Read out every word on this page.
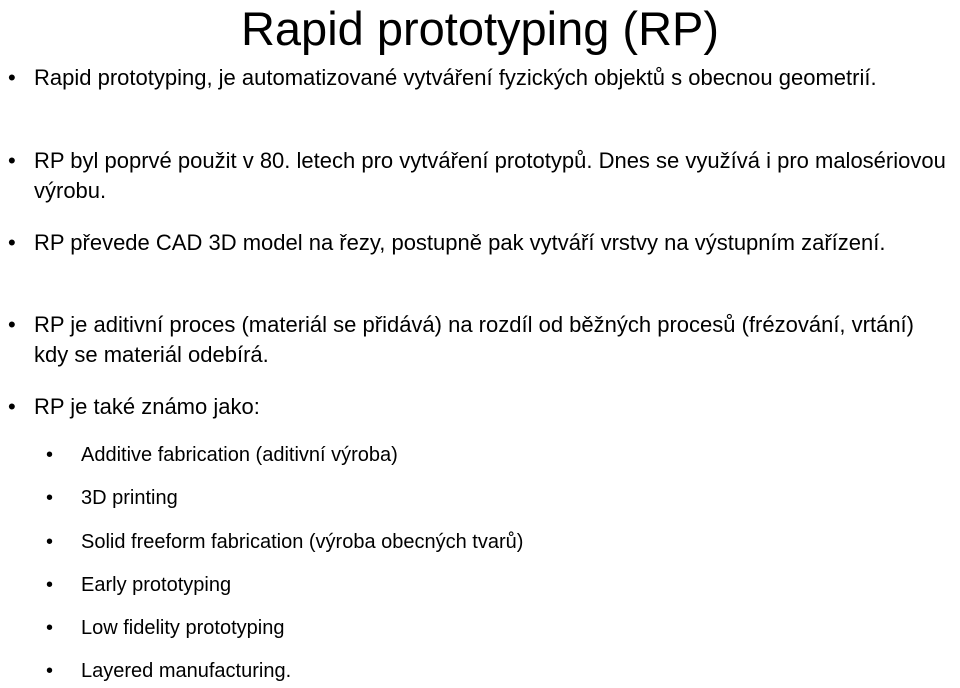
Rapid prototyping (RP)
• Rapid prototyping, je automatizované vytváření fyzických objektů s obecnou geometrií.
• RP byl poprvé použit v 80. letech pro vytváření prototypů. Dnes se využívá i pro malosériovou výrobu.
• RP převede CAD 3D model na řezy, postupně pak vytváří vrstvy na výstupním zařízení.
• RP je aditivní proces (materiál se přidává) na rozdíl od běžných procesů (frézování, vrtání) kdy se materiál odebírá.
• RP je také známo jako:
• Additive fabrication (aditivní výroba)
• 3D printing
• Solid freeform fabrication (výroba obecných tvarů)
• Early prototyping
• Low fidelity prototyping
• Layered manufacturing.
